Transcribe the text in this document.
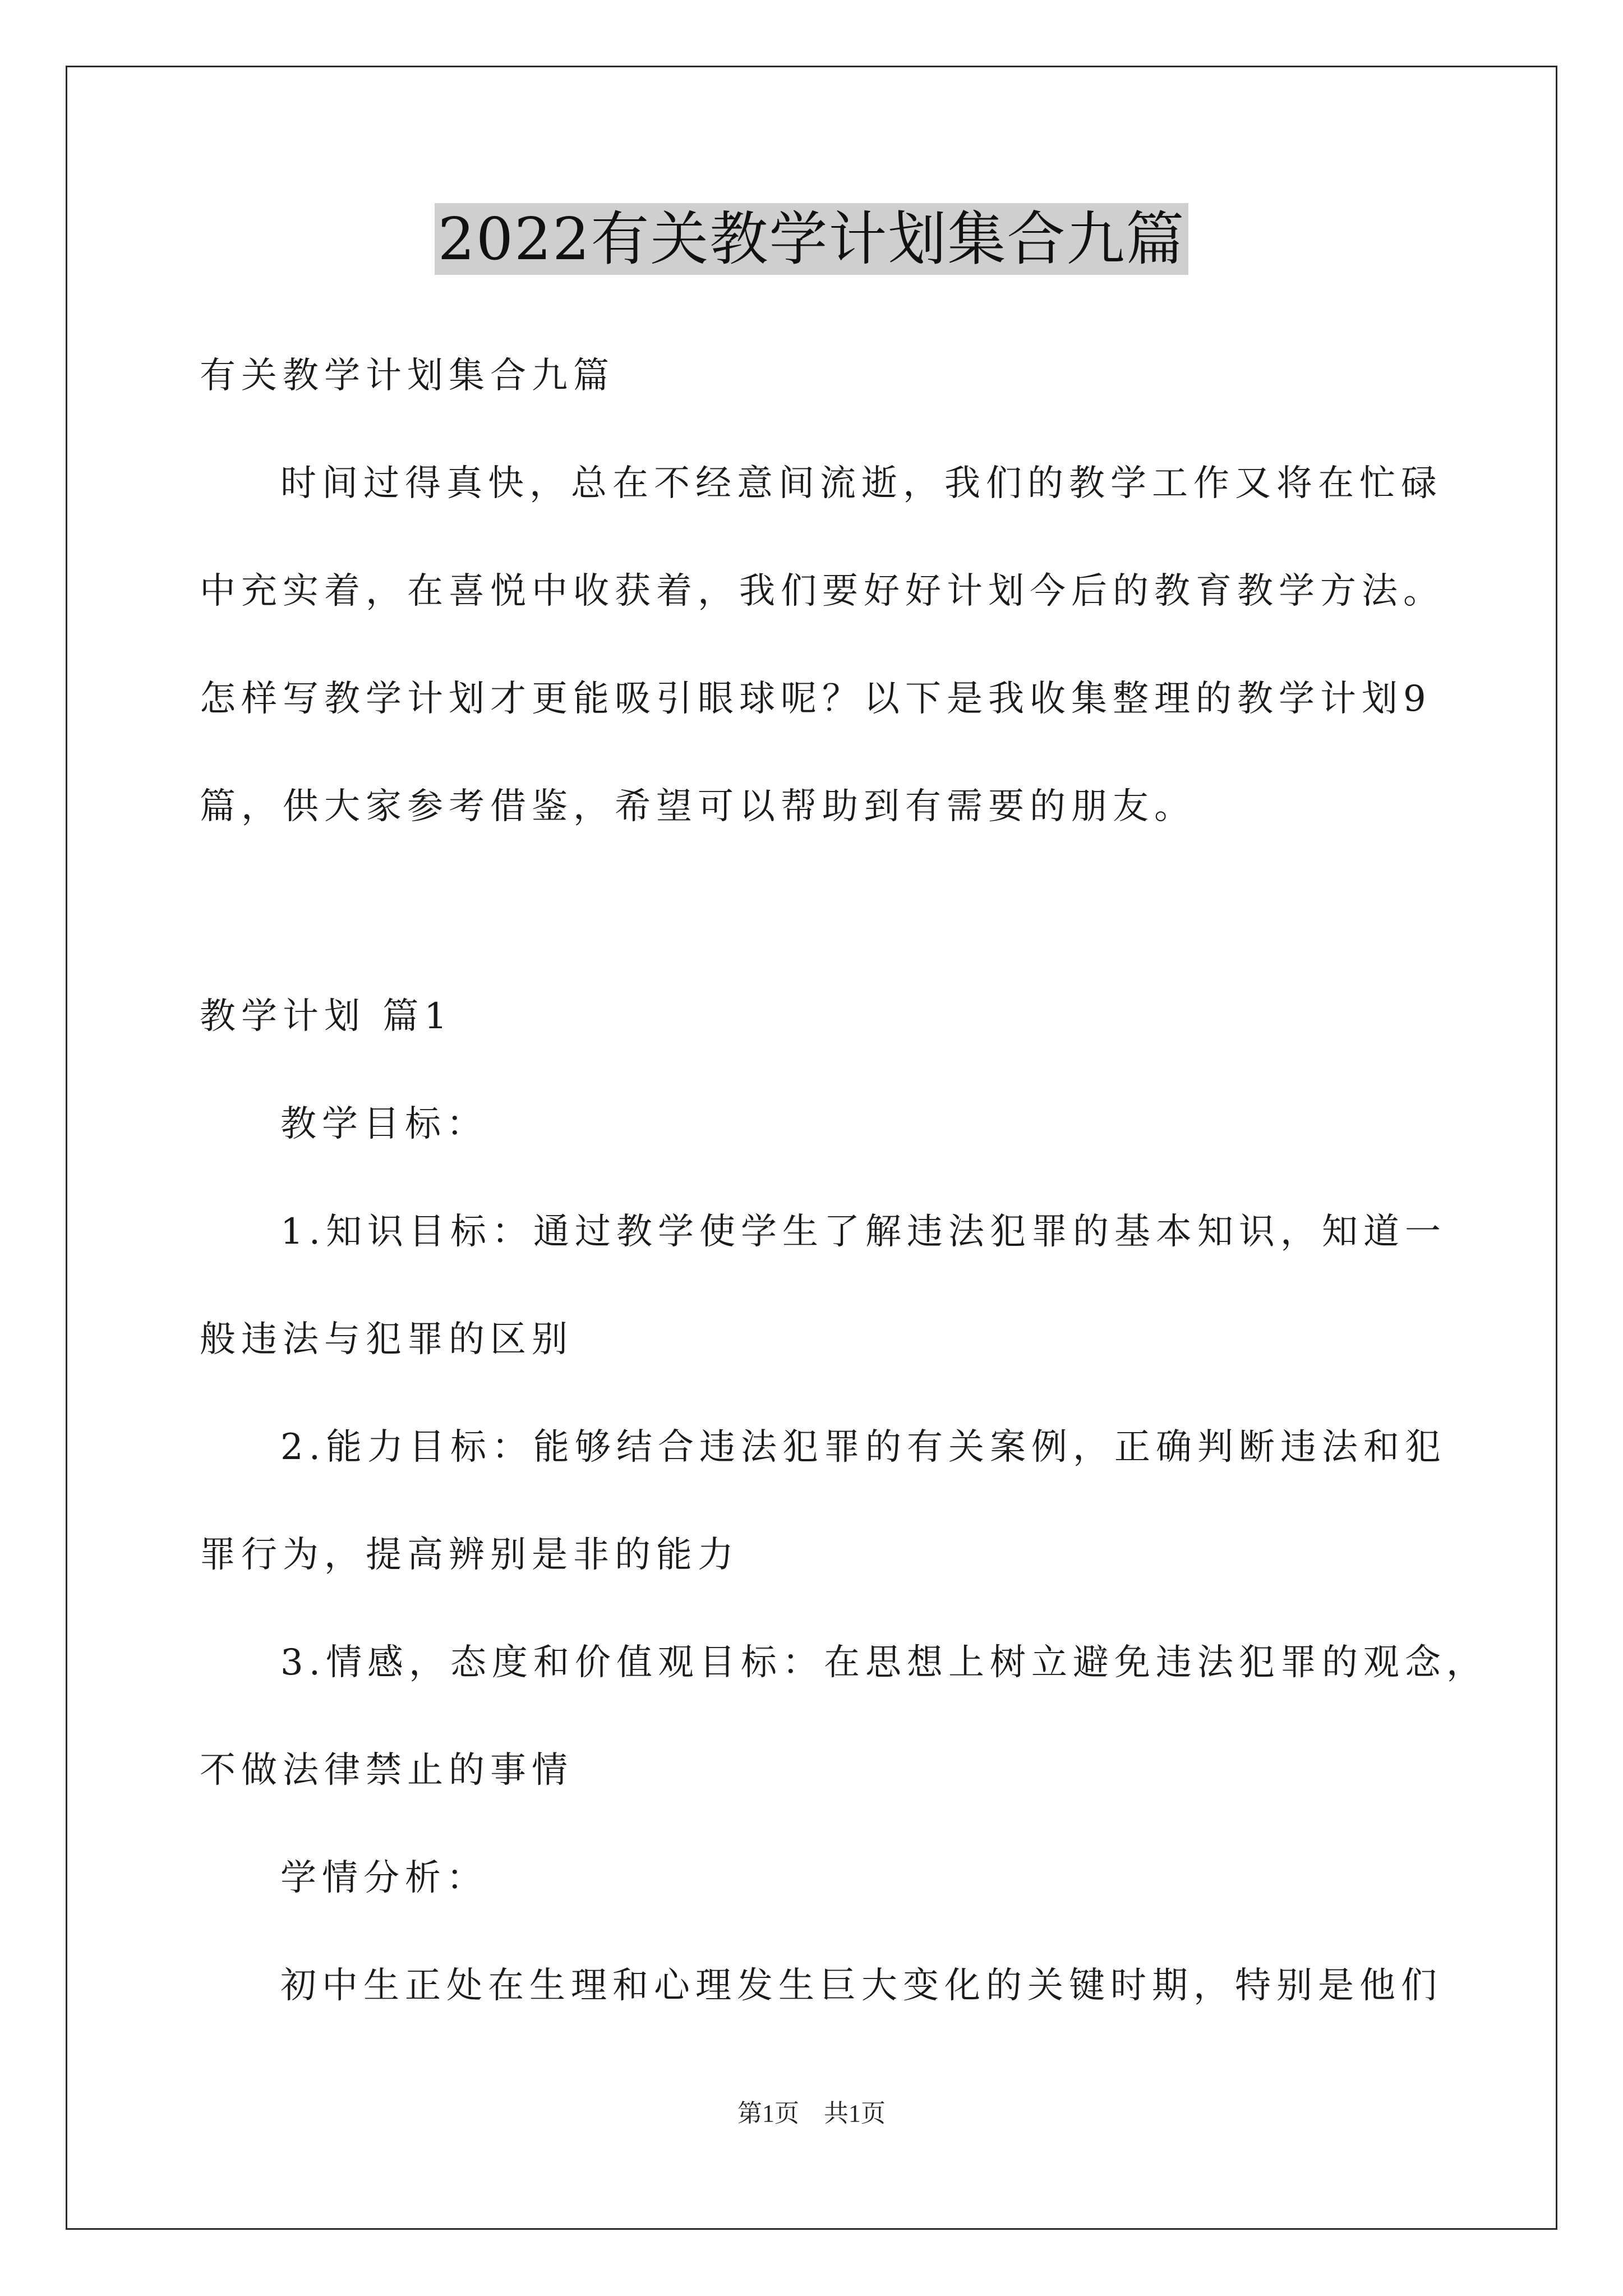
2022有关教学计划集合九篇
有关教学计划集合九篇
时间过得真快，总在不经意间流逝，我们的教学工作又将在忙碌
中充实着，在喜悦中收获着，我们要好好计划今后的教育教学方法。
怎样写教学计划才更能吸引眼球呢？以下是我收集整理的教学计划9
篇，供大家参考借鉴，希望可以帮助到有需要的朋友。
教学计划 篇1
教学目标：
1.知识目标：通过教学使学生了解违法犯罪的基本知识，知道一
般违法与犯罪的区别
2.能力目标：能够结合违法犯罪的有关案例，正确判断违法和犯
罪行为，提高辨别是非的能力
3.情感，态度和价值观目标：在思想上树立避免违法犯罪的观念，
不做法律禁止的事情
学情分析：
初中生正处在生理和心理发生巨大变化的关键时期，特别是他们
第1页 共1页
